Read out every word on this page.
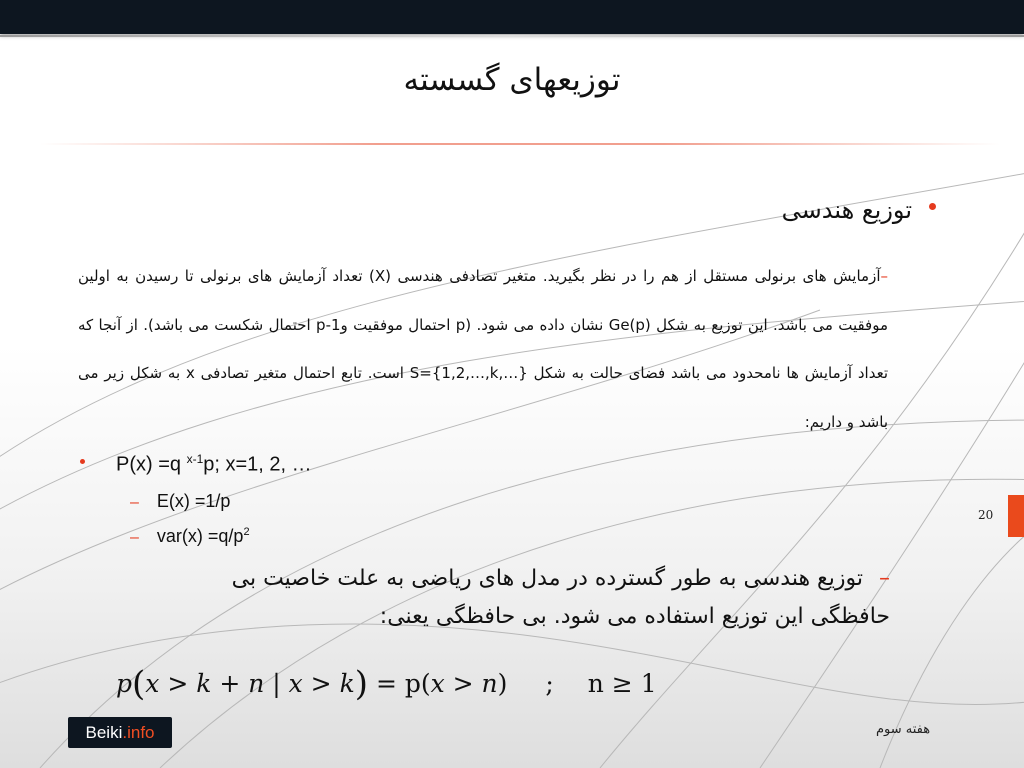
توزیعهای گسسته
توزیع هندسی
–آزمایش های برنولی مستقل از هم را در نظر بگیرید. متغیر تصادفی هندسی (X) تعداد آزمایش های برنولی تا رسیدن به اولین موفقیت می باشد. این توزیع به شکل Ge(p) نشان داده می شود. (p احتمال موفقیت و1-p احتمال شکست می باشد). از آنجا که تعداد آزمایش ها نامحدود می باشد فضای حالت به شکل S={1,2,…,k,…} است. تابع احتمال متغیر تصادفی x به شکل زیر می باشد و داریم:
P(x) =q $^{x-1}$p; x=1, 2, …
– E(x) =1/p
– $var(x) =q/p^2$
–توزیع هندسی به طور گسترده در مدل های ریاضی به علت خاصیت بی حافظگی این توزیع استفاده می شود. بی حافظگی یعنی:
p(x > k + n | x > k) = p(x > n) ; n ≥ 1
20
هفته سوم
Beiki .info
